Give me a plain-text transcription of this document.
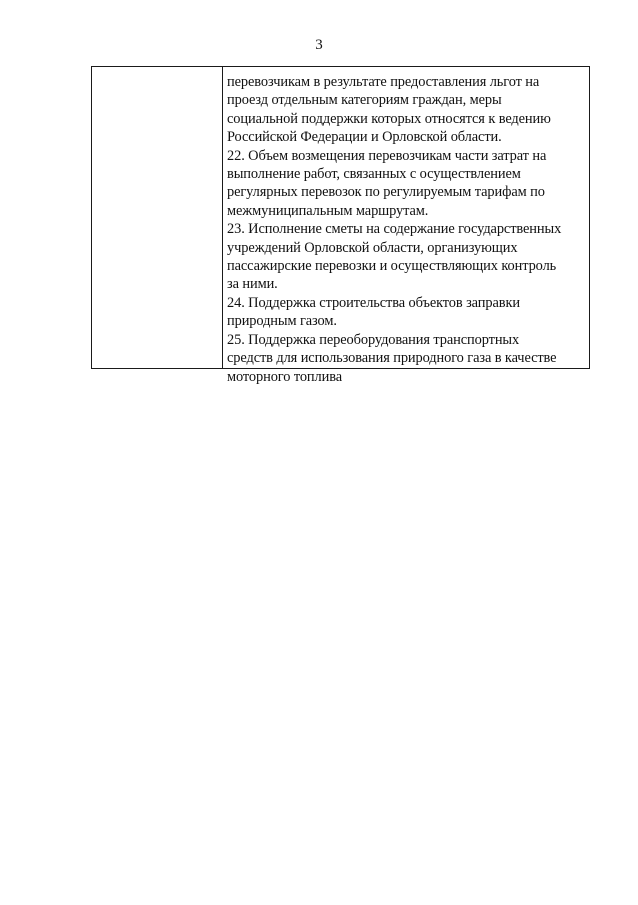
3
перевозчикам в результате предоставления льгот на
проезд отдельным категориям граждан, меры
социальной поддержки которых относятся к ведению
Российской Федерации и Орловской области.
22. Объем возмещения перевозчикам части затрат на
выполнение работ, связанных с осуществлением
регулярных перевозок по регулируемым тарифам по
межмуниципальным маршрутам.
23. Исполнение сметы на содержание государственных
учреждений Орловской области, организующих
пассажирские перевозки и осуществляющих контроль
за ними.
24. Поддержка строительства объектов заправки
природным газом.
25. Поддержка переоборудования транспортных
средств для использования природного газа в качестве
моторного топлива
